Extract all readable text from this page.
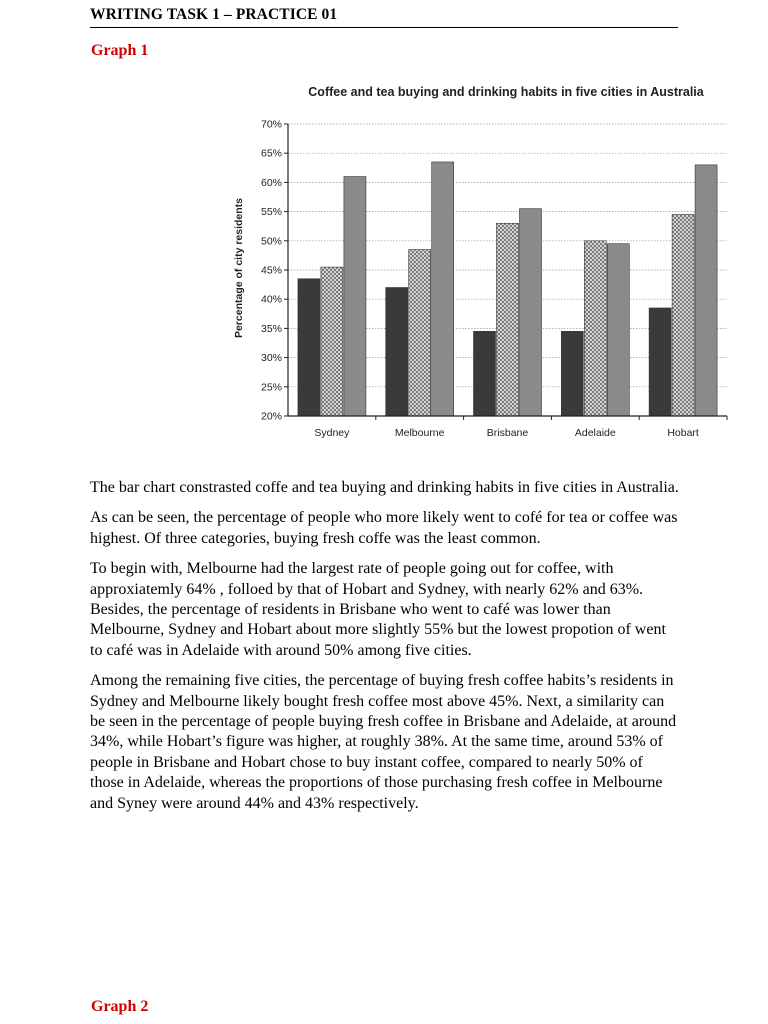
WRITING TASK 1 – PRACTICE 01
Graph 1
Coffee and tea buying and drinking habits in five cities in Australia
Percentage of city residents
20%
25%
30%
35%
40%
45%
50%
55%
60%
65%
70%
Sydney	Melbourne	Brisbane	Adelaide	Hobart

The bar chart constrasted coffe and tea buying and drinking habits in five cities in Australia.

As can be seen, the percentage of people who more likely went to cofé for tea or coffee was highest. Of three categories, buying fresh coffe was the least common.

To begin with, Melbourne had the largest rate of people going out for coffee, with approxiatemly 64% , folloed by that of Hobart and Sydney, with nearly 62% and 63%. Besides, the percentage of residents in Brisbane who went to café was lower than Melbourne, Sydney and Hobart about more slightly 55% but the lowest propotion of went to café was in Adelaide with around 50% among five cities.

Among the remaining five cities, the percentage of buying fresh coffee habits’s residents in Sydney and Melbourne likely bought fresh coffee most above 45%. Next, a similarity can be seen in the percentage of people buying fresh coffee in Brisbane and Adelaide, at around 34%, while Hobart’s figure was higher, at roughly 38%. At the same time, around 53% of people in Brisbane and Hobart chose to buy instant coffee, compared to nearly 50% of those in Adelaide, whereas the proportions of those purchasing fresh coffee in Melbourne and Syney were around 44% and 43% respectively.

Graph 2
